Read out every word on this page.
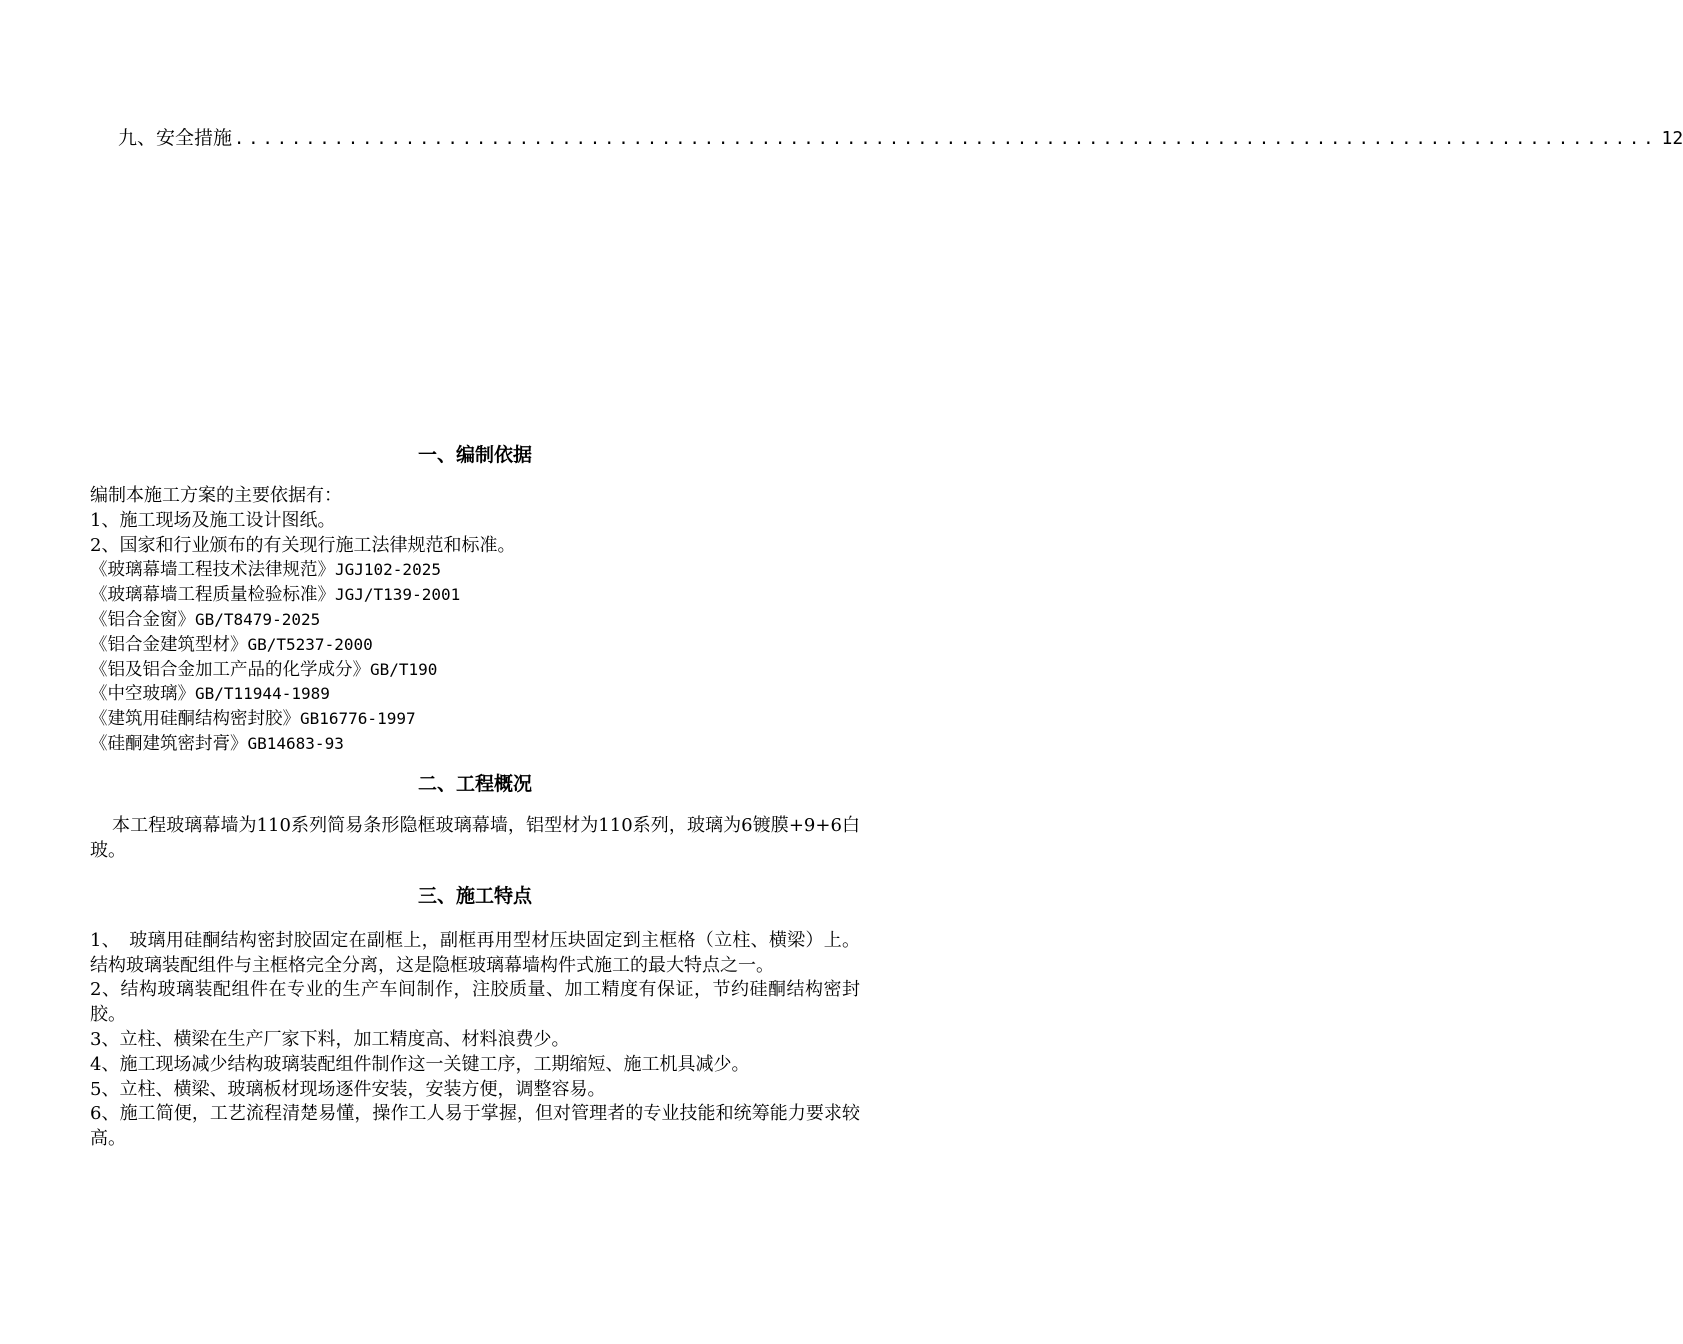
九、安全措施 .................................................................................................... 12
一、编制依据

编制本施工方案的主要依据有：

1、施工现场及施工设计图纸。

2、国家和行业颁布的有关现行施工法律规范和标准。

《玻璃幕墙工程技术法律规范》JGJ102-2025

《玻璃幕墙工程质量检验标准》JGJ/T139-2001

《铝合金窗》GB/T8479-2025

《铝合金建筑型材》GB/T5237-2000

《铝及铝合金加工产品的化学成分》GB/T190

《中空玻璃》GB/T11944-1989

《建筑用硅酮结构密封胶》GB16776-1997

《硅酮建筑密封膏》GB14683-93

二、工程概况

本工程玻璃幕墙为110系列简易条形隐框玻璃幕墙，铝型材为110系列，玻璃为6镀膜+9+6白玻。

三、施工特点

1、　玻璃用硅酮结构密封胶固定在副框上，副框再用型材压块固定到主框格（立柱、横梁）上。结构玻璃装配组件与主框格完全分离，这是隐框玻璃幕墙构件式施工的最大特点之一。

2、结构玻璃装配组件在专业的生产车间制作，注胶质量、加工精度有保证，节约硅酮结构密封胶。

3、立柱、横梁在生产厂家下料，加工精度高、材料浪费少。

4、施工现场减少结构玻璃装配组件制作这一关键工序，工期缩短、施工机具减少。

5、立柱、横梁、玻璃板材现场逐件安装，安装方便，调整容易。

6、施工简便，工艺流程清楚易懂，操作工人易于掌握，但对管理者的专业技能和统筹能力要求较高。
